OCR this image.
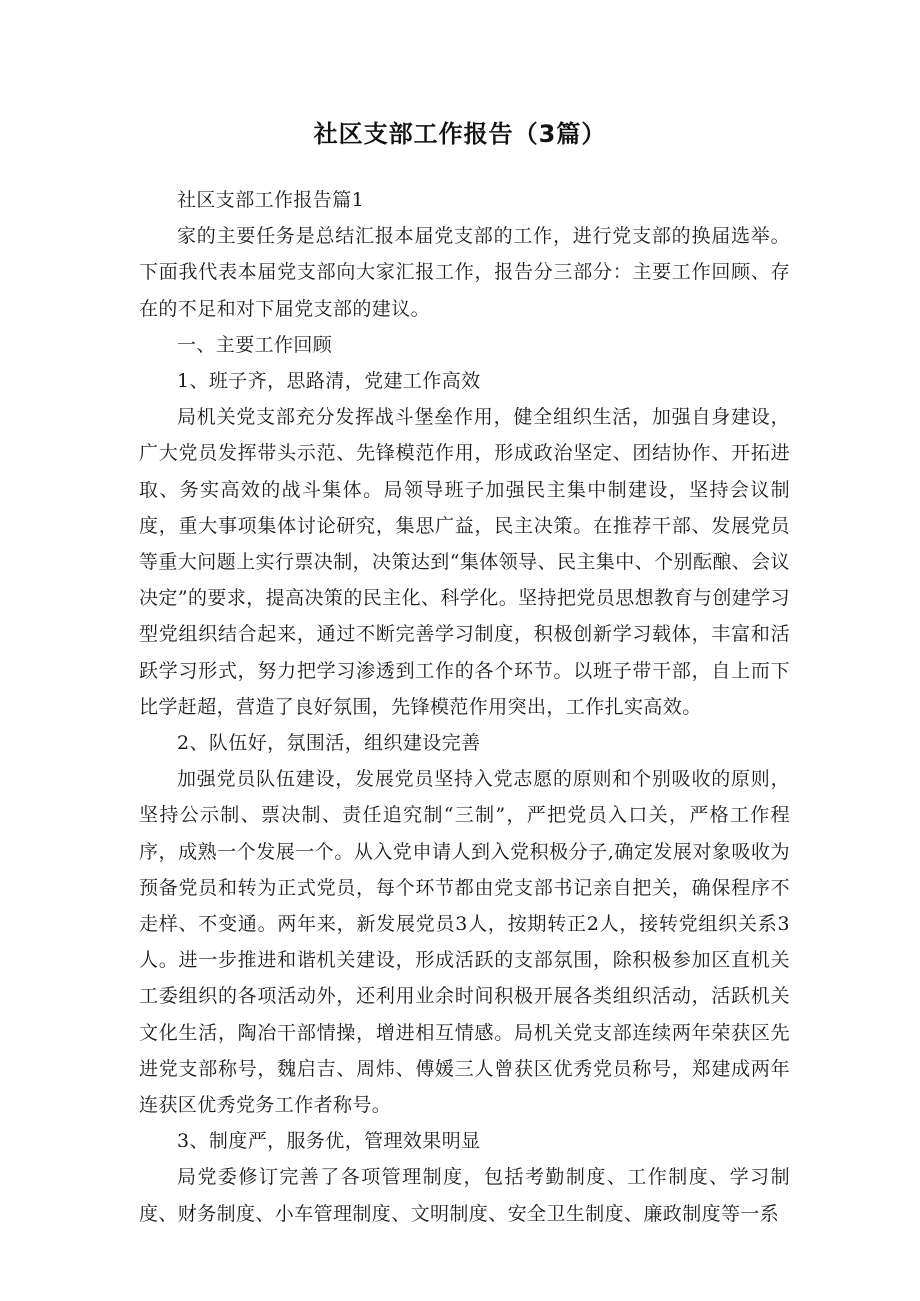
社区支部工作报告（3篇）

社区支部工作报告篇1

家的主要任务是总结汇报本届党支部的工作，进行党支部的换届选举。下面我代表本届党支部向大家汇报工作，报告分三部分：主要工作回顾、存在的不足和对下届党支部的建议。

一、主要工作回顾

1、班子齐，思路清，党建工作高效

局机关党支部充分发挥战斗堡垒作用，健全组织生活，加强自身建设，广大党员发挥带头示范、先锋模范作用，形成政治坚定、团结协作、开拓进取、务实高效的战斗集体。局领导班子加强民主集中制建设，坚持会议制度，重大事项集体讨论研究，集思广益，民主决策。在推荐干部、发展党员等重大问题上实行票决制，决策达到“集体领导、民主集中、个别酝酿、会议决定”的要求，提高决策的民主化、科学化。坚持把党员思想教育与创建学习型党组织结合起来，通过不断完善学习制度，积极创新学习载体，丰富和活跃学习形式，努力把学习渗透到工作的各个环节。以班子带干部，自上而下比学赶超，营造了良好氛围，先锋模范作用突出，工作扎实高效。

2、队伍好，氛围活，组织建设完善

加强党员队伍建设，发展党员坚持入党志愿的原则和个别吸收的原则，坚持公示制、票决制、责任追究制“三制”，严把党员入口关，严格工作程序，成熟一个发展一个。从入党申请人到入党积极分子,确定发展对象吸收为预备党员和转为正式党员，每个环节都由党支部书记亲自把关，确保程序不走样、不变通。两年来，新发展党员3人，按期转正2人，接转党组织关系3人。进一步推进和谐机关建设，形成活跃的支部氛围，除积极参加区直机关工委组织的各项活动外，还利用业余时间积极开展各类组织活动，活跃机关文化生活，陶冶干部情操，增进相互情感。局机关党支部连续两年荣获区先进党支部称号，魏启吉、周炜、傅媛三人曾获区优秀党员称号，郑建成两年连获区优秀党务工作者称号。

3、制度严，服务优，管理效果明显

局党委修订完善了各项管理制度，包括考勤制度、工作制度、学习制度、财务制度、小车管理制度、文明制度、安全卫生制度、廉政制度等一系
